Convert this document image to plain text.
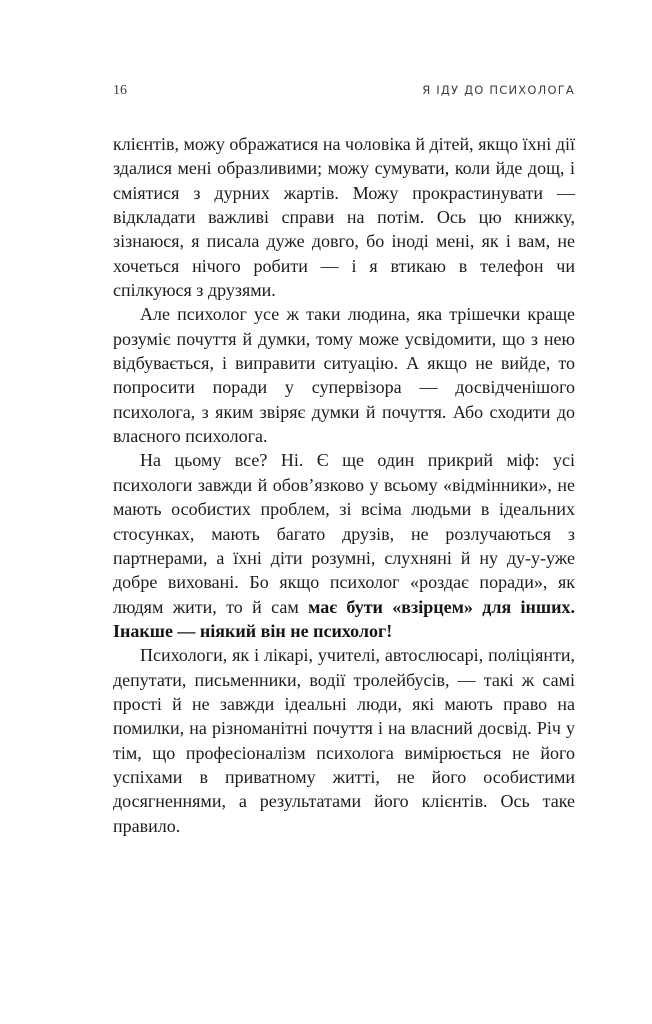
16	Я ІДУ ДО ПСИХОЛОГА

клієнтів, можу ображатися на чоловіка й дітей, якщо їхні дії здалися мені образливими; можу сумувати, коли йде дощ, і сміятися з дурних жартів. Можу прокрастинувати — відкладати важливі справи на потім. Ось цю книжку, зізнаюся, я писала дуже довго, бо іноді мені, як і вам, не хочеться нічого робити — і я втикаю в телефон чи спілкуюся з друзями.

Але психолог усе ж таки людина, яка трішечки краще розуміє почуття й думки, тому може усвідомити, що з нею відбувається, і виправити ситуацію. А якщо не вийде, то попросити поради у супервізора — досвідченішого психолога, з яким звіряє думки й почуття. Або сходити до власного психолога.

На цьому все? Ні. Є ще один прикрий міф: усі психологи завжди й обов’язково у всьому «відмінники», не мають особистих проблем, зі всіма людьми в ідеальних стосунках, мають багато друзів, не розлучаються з партнерами, а їхні діти розумні, слухняні й ну ду-у-уже добре виховані. Бо якщо психолог «роздає поради», як людям жити, то й сам має бути «взірцем» для інших. Інакше — ніякий він не психолог!

Психологи, як і лікарі, учителі, автослюсарі, поліціянти, депутати, письменники, водії тролейбусів, — такі ж самі прості й не завжди ідеальні люди, які мають право на помилки, на різноманітні почуття і на власний досвід. Річ у тім, що професіоналізм психолога вимірюється не його успіхами в приватному житті, не його особистими досягненнями, а результатами його клієнтів. Ось таке правило.
